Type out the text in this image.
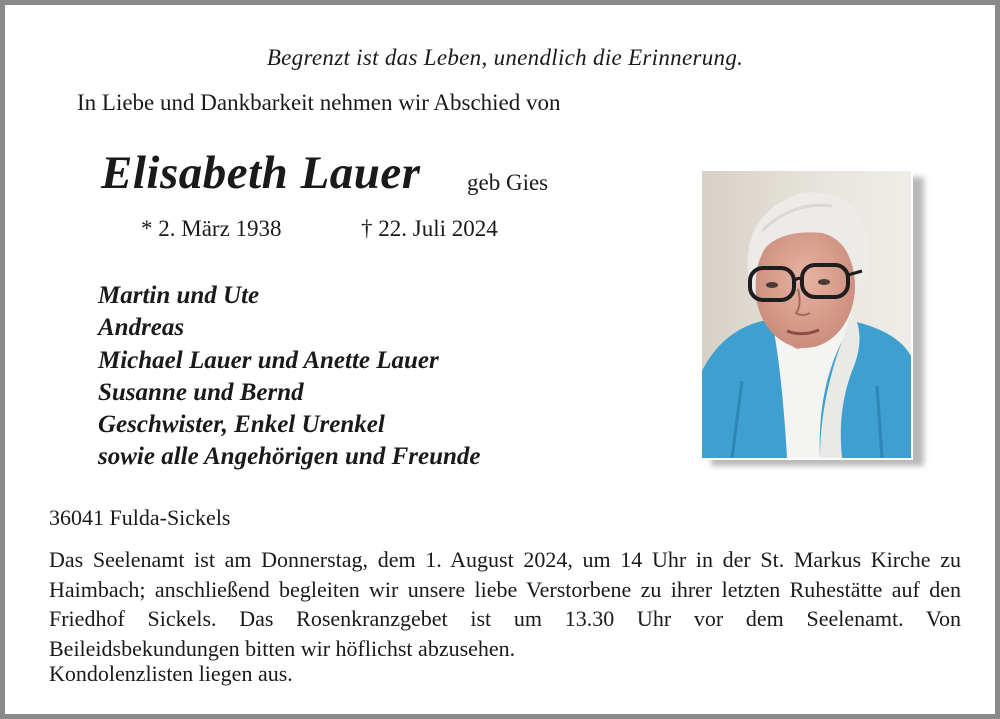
Begrenzt ist das Leben, unendlich die Erinnerung.
In Liebe und Dankbarkeit nehmen wir Abschied von
Elisabeth Lauer geb Gies
* 2. März 1938	† 22. Juli 2024
Martin und Ute
Andreas
Michael Lauer und Anette Lauer
Susanne und Bernd
Geschwister, Enkel Urenkel
sowie alle Angehörigen und Freunde
36041 Fulda-Sickels
Das Seelenamt ist am Donnerstag, dem 1. August 2024, um 14 Uhr in der St. Markus Kirche zu Haimbach; anschließend begleiten wir unsere liebe Verstorbene zu ihrer letzten Ruhestätte auf den Friedhof Sickels. Das Rosenkranzgebet ist um 13.30 Uhr vor dem Seelenamt. Von Beileidsbekundungen bitten wir höflichst abzusehen.
Kondolenzlisten liegen aus.
